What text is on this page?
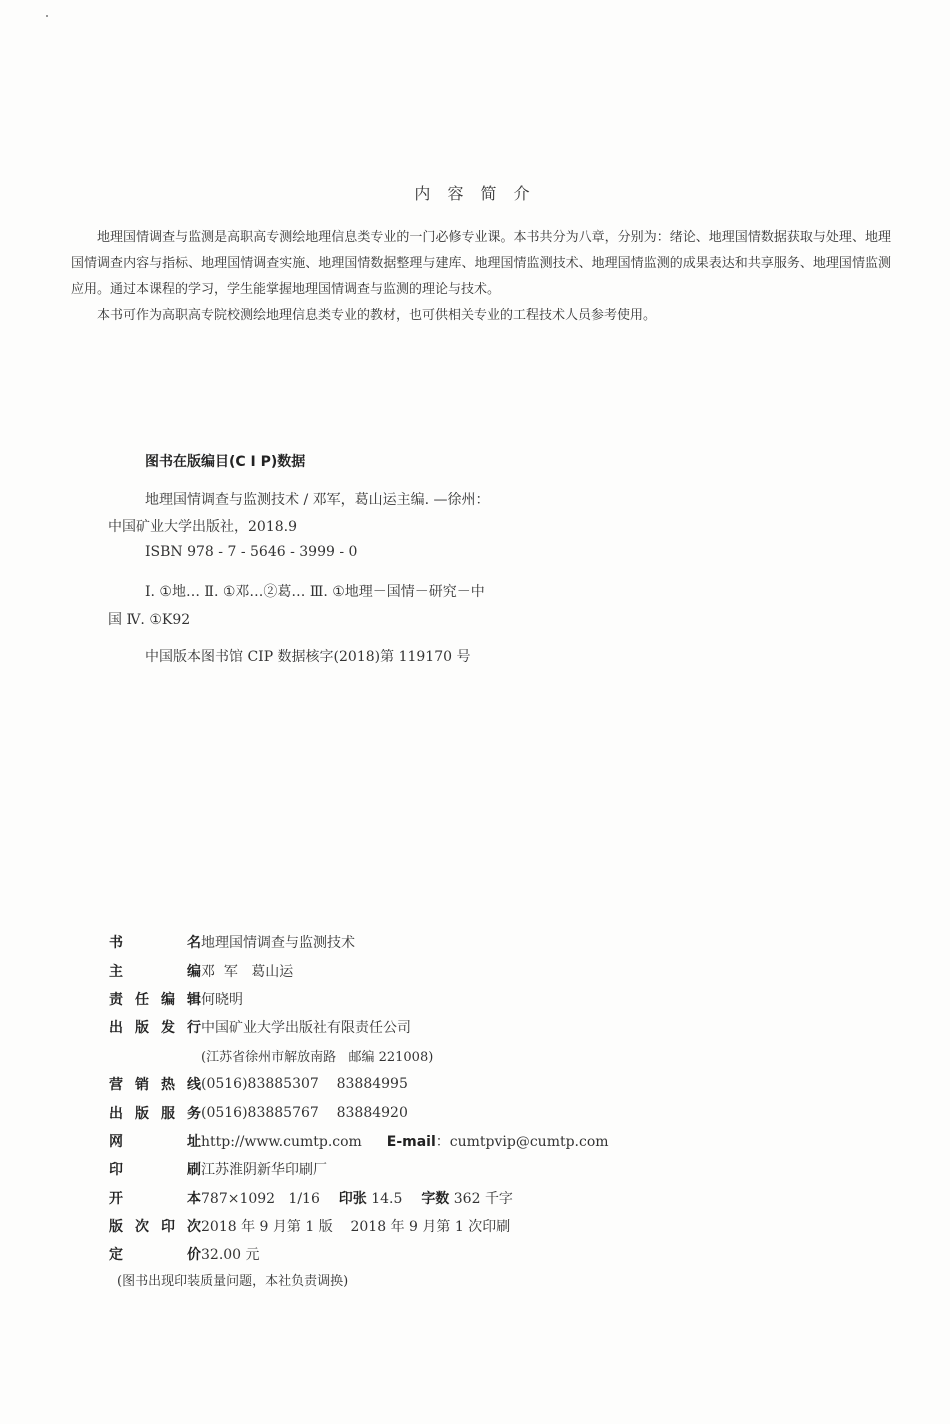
内 容 简 介

地理国情调查与监测是高职高专测绘地理信息类专业的一门必修专业课。本书共分为八章，分别为：绪论、地理国情数据获取与处理、地理国情调查内容与指标、地理国情调查实施、地理国情数据整理与建库、地理国情监测技术、地理国情监测的成果表达和共享服务、地理国情监测应用。通过本课程的学习，学生能掌握地理国情调查与监测的理论与技术。

本书可作为高职高专院校测绘地理信息类专业的教材，也可供相关专业的工程技术人员参考使用。

图书在版编目(C I P)数据
地理国情调查与监测技术 / 邓军，葛山运主编. —徐州：
中国矿业大学出版社，2018.9
ISBN 978 - 7 - 5646 - 3999 - 0
Ⅰ. ①地… Ⅱ. ①邓…②葛… Ⅲ. ①地理－国情－研究－中
国 Ⅳ. ①K92
中国版本图书馆 CIP 数据核字(2018)第 119170 号
书名	地理国情调查与监测技术
主编	邓  军   葛山运
责任编辑	何晓明
出版发行	中国矿业大学出版社有限责任公司
	(江苏省徐州市解放南路   邮编 221008)
营销热线	(0516)83885307    83884995
出版服务	(0516)83885767    83884920
网址	http://www.cumtp.com E-mail：cumtpvip@cumtp.com
印刷	江苏淮阴新华印刷厂
开本	787×1092   1/16 印张 14.5 字数 362 千字
版次印次	2018 年 9 月第 1 版    2018 年 9 月第 1 次印刷
定价	32.00 元
(图书出现印装质量问题，本社负责调换)
